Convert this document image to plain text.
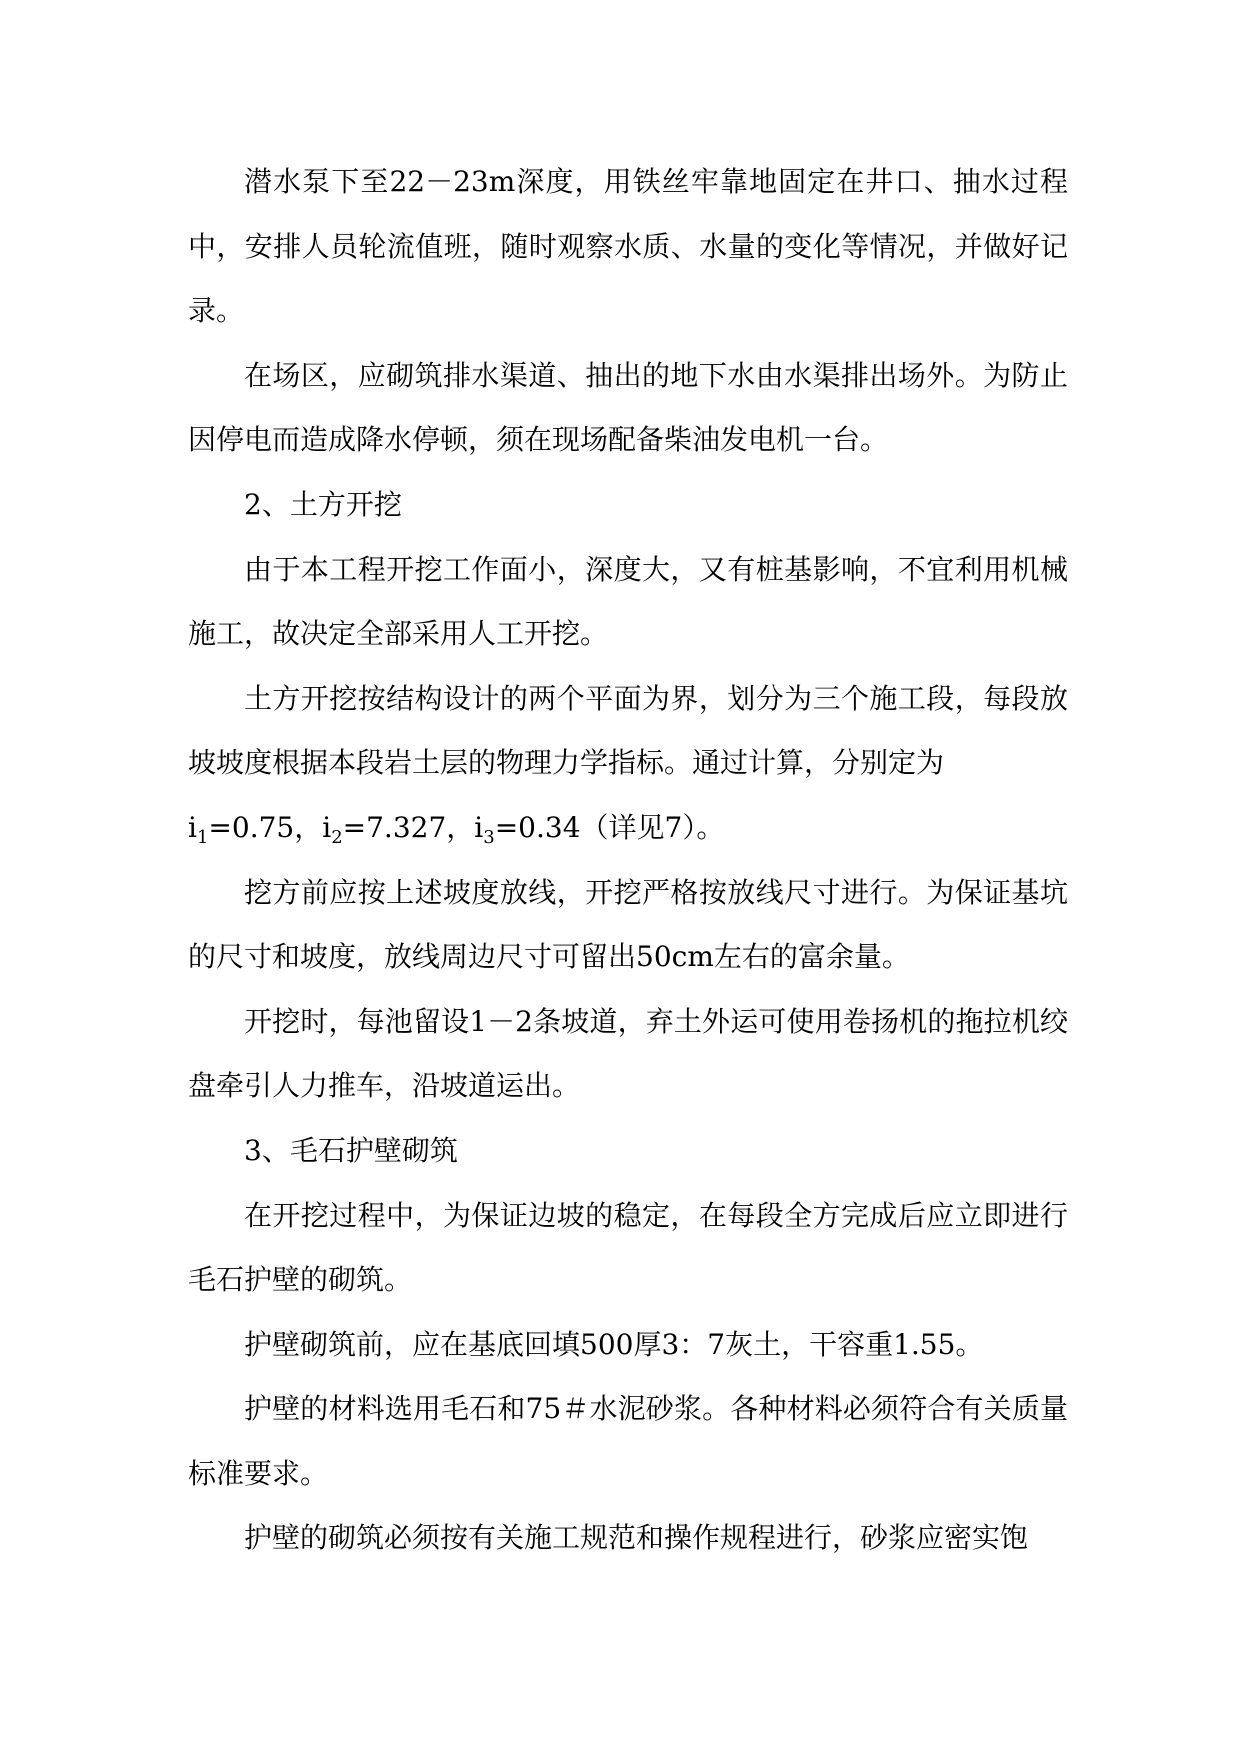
潜水泵下至22－23m深度，用铁丝牢靠地固定在井口、抽水过程中，安排人员轮流值班，随时观察水质、水量的变化等情况，并做好记录。

在场区，应砌筑排水渠道、抽出的地下水由水渠排出场外。为防止因停电而造成降水停顿，须在现场配备柴油发电机一台。

2、土方开挖

由于本工程开挖工作面小，深度大，又有桩基影响，不宜利用机械施工，故决定全部采用人工开挖。

土方开挖按结构设计的两个平面为界，划分为三个施工段，每段放坡坡度根据本段岩土层的物理力学指标。通过计算，分别定为

$i_1=0.75$，$i_2=7.327$，$i_3=0.34$（详见7）。

挖方前应按上述坡度放线，开挖严格按放线尺寸进行。为保证基坑的尺寸和坡度，放线周边尺寸可留出50cm左右的富余量。

开挖时，每池留设1－2条坡道，弃土外运可使用卷扬机的拖拉机绞盘牵引人力推车，沿坡道运出。

3、毛石护壁砌筑

在开挖过程中，为保证边坡的稳定，在每段全方完成后应立即进行毛石护壁的砌筑。

护壁砌筑前，应在基底回填500厚3：7灰土，干容重1.55。

护壁的材料选用毛石和75＃水泥砂浆。各种材料必须符合有关质量标准要求。

护壁的砌筑必须按有关施工规范和操作规程进行，砂浆应密实饱
